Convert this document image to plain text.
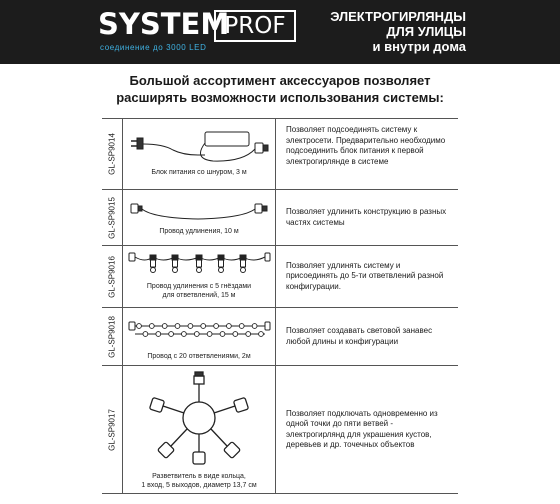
SYSTEM
PROF
соединение до 3000 LED
ЭЛЕКТРОГИРЛЯНДЫ
ДЛЯ УЛИЦЫ
и внутри дома
Большой ассортимент аксессуаров позволяет
расширять возможности использования системы:
GL-SP9014	Блок питания со шнуром, 3 м
Позволяет подсоединять систему к электросети. Предварительно необходимо подсоединить блок питания к первой электрогирлянде в системе
GL-SP9015	Провод удлинения, 10 м
Позволяет удлинить конструкцию в разных частях системы
GL-SP9016	Провод удлинения с 5 гнёздами
для ответвлений, 15 м
Позволяет удлинять систему и присоединять до 5-ти ответвлений разной конфигурации.
GL-SP9018	Провод с 20 ответвлениями, 2м
Позволяет создавать световой занавес любой длины и конфигурации
GL-SP9017
Разветвитель в виде кольца,
1 вход, 5 выходов, диаметр 13,7 см
Позволяет подключать одновременно из одной точки до пяти ветвей - электрогирлянд для украшения кустов, деревьев и др. точечных объектов
